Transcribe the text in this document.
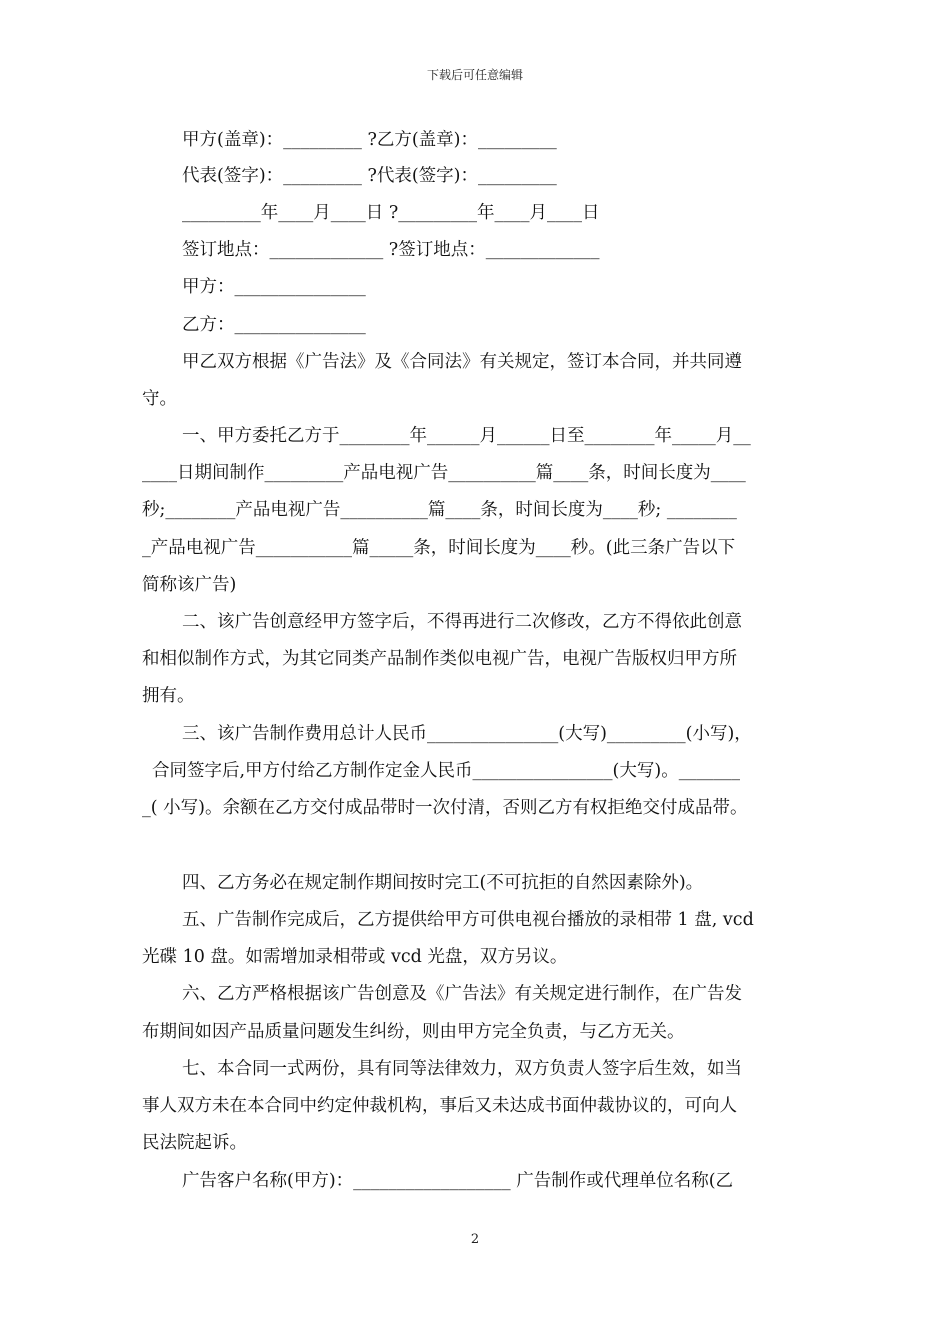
下载后可任意编辑
甲方(盖章)：_________ ?乙方(盖章)：_________
代表(签字)：_________ ?代表(签字)：_________
_________年____月____日 ?_________年____月____日
签订地点：_____________ ?签订地点：_____________
甲方：_______________
乙方：_______________
甲乙双方根据《广告法》及《合同法》有关规定，签订本合同，并共同遵
守。
一、甲方委托乙方于________年______月______日至________年_____月__
____日期间制作_________产品电视广告__________篇____条，时间长度为____
秒;________产品电视广告__________篇____条，时间长度为____秒; ________
_产品电视广告___________篇_____条，时间长度为____秒。(此三条广告以下
简称该广告)
二、该广告创意经甲方签字后，不得再进行二次修改，乙方不得依此创意
和相似制作方式，为其它同类产品制作类似电视广告，电视广告版权归甲方所
拥有。
三、该广告制作费用总计人民币_______________(大写)_________(小写)，
合同签字后,甲方付给乙方制作定金人民币________________(大写)。_______
_( 小写)。余额在乙方交付成品带时一次付清，否则乙方有权拒绝交付成品带。
四、乙方务必在规定制作期间按时完工(不可抗拒的自然因素除外)。
五、广告制作完成后，乙方提供给甲方可供电视台播放的录相带 1 盘, vcd
光碟 10 盘。如需增加录相带或 vcd 光盘，双方另议。
六、乙方严格根据该广告创意及《广告法》有关规定进行制作，在广告发
布期间如因产品质量问题发生纠纷，则由甲方完全负责，与乙方无关。
七、本合同一式两份，具有同等法律效力，双方负责人签字后生效，如当
事人双方未在本合同中约定仲裁机构，事后又未达成书面仲裁协议的，可向人
民法院起诉。
广告客户名称(甲方)：__________________ 广告制作或代理单位名称(乙
2
